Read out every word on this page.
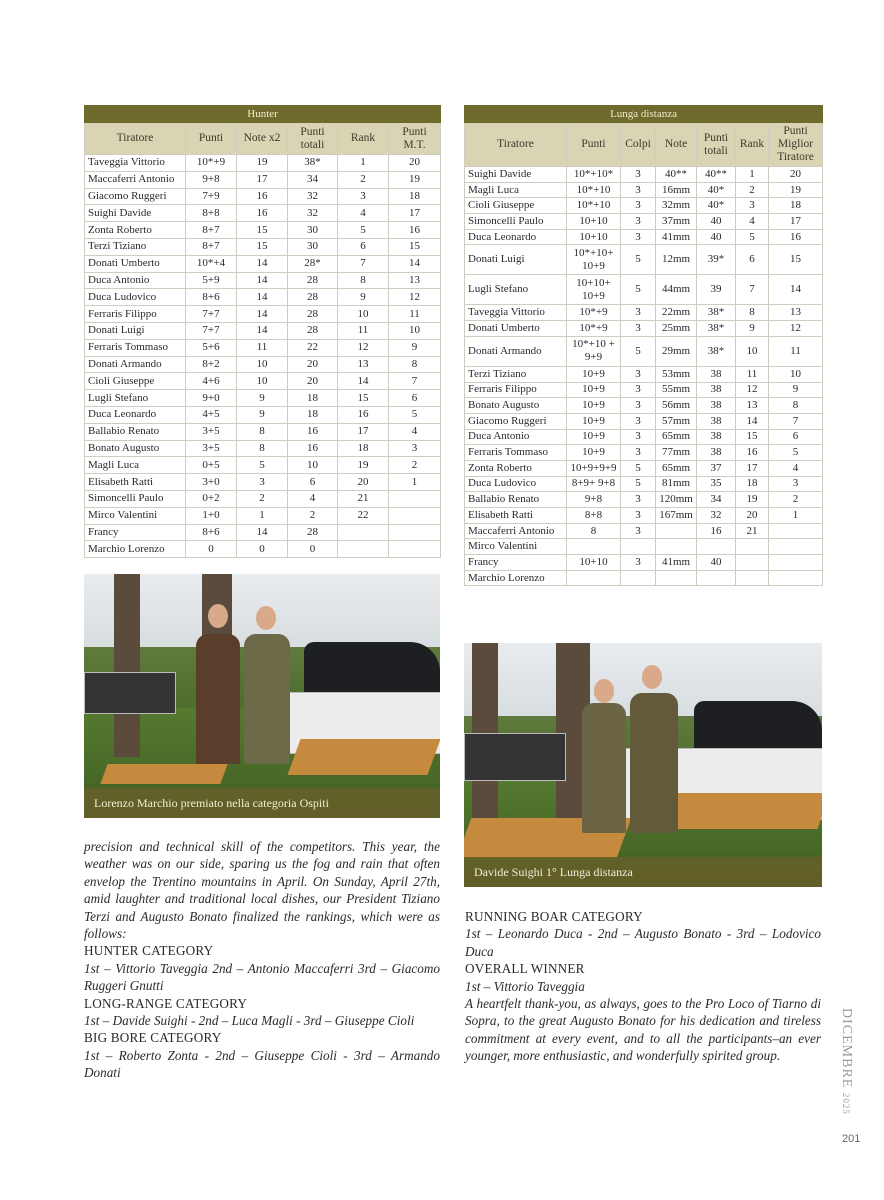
Hunter					
Tiratore	Punti	Note x2	Punti totali	Rank	Punti M.T.
Taveggia Vittorio	10*+9	19	38*	1	20
Maccaferri Antonio	9+8	17	34	2	19
Giacomo Ruggeri	7+9	16	32	3	18
Suighi Davide	8+8	16	32	4	17
Zonta Roberto	8+7	15	30	5	16
Terzi Tiziano	8+7	15	30	6	15
Donati Umberto	10*+4	14	28*	7	14
Duca Antonio	5+9	14	28	8	13
Duca Ludovico	8+6	14	28	9	12
Ferraris Filippo	7+7	14	28	10	11
Donati Luigi	7+7	14	28	11	10
Ferraris Tommaso	5+6	11	22	12	9
Donati Armando	8+2	10	20	13	8
Cioli Giuseppe	4+6	10	20	14	7
Lugli Stefano	9+0	9	18	15	6
Duca Leonardo	4+5	9	18	16	5
Ballabio Renato	3+5	8	16	17	4
Bonato Augusto	3+5	8	16	18	3
Magli Luca	0+5	5	10	19	2
Elisabeth Ratti	3+0	3	6	20	1
Simoncelli Paulo	0+2	2	4	21	
Mirco Valentini	1+0	1	2	22	
Francy	8+6	14	28		
Marchio Lorenzo	0	0	0		
Lunga distanza						
Tiratore	Punti	Colpi	Note	Punti totali	Rank	Punti Miglior Tiratore
Suighi Davide	10*+10*	3	40**	40**	1	20
Magli Luca	10*+10	3	16mm	40*	2	19
Cioli Giuseppe	10*+10	3	32mm	40*	3	18
Simoncelli Paulo	10+10	3	37mm	40	4	17
Duca Leonardo	10+10	3	41mm	40	5	16
Donati Luigi	10*+10+ 10+9	5	12mm	39*	6	15
Lugli Stefano	10+10+ 10+9	5	44mm	39	7	14
Taveggia Vittorio	10*+9	3	22mm	38*	8	13
Donati Umberto	10*+9	3	25mm	38*	9	12
Donati Armando	10*+10 + 9+9	5	29mm	38*	10	11
Terzi Tiziano	10+9	3	53mm	38	11	10
Ferraris Filippo	10+9	3	55mm	38	12	9
Bonato Augusto	10+9	3	56mm	38	13	8
Giacomo Ruggeri	10+9	3	57mm	38	14	7
Duca Antonio	10+9	3	65mm	38	15	6
Ferraris Tommaso	10+9	3	77mm	38	16	5
Zonta Roberto	10+9+9+9	5	65mm	37	17	4
Duca Ludovico	8+9+ 9+8	5	81mm	35	18	3
Ballabio Renato	9+8	3	120mm	34	19	2
Elisabeth Ratti	8+8	3	167mm	32	20	1
Maccaferri Antonio	8	3		16	21	
Mirco Valentini						
Francy	10+10	3	41mm	40		
Marchio Lorenzo						
Lorenzo Marchio premiato nella categoria Ospiti
Davide Suighi 1° Lunga distanza

precision and technical skill of the competitors. This year, the weather was on our side, sparing us the fog and rain that often envelop the Trentino mountains in April. On Sunday, April 27th, amid laughter and traditional local dishes, our President Tiziano Terzi and Augusto Bonato finalized the rankings, which were as follows:

HUNTER CATEGORY

1st – Vittorio Taveggia 2nd – Antonio Maccaferri 3rd – Giacomo Ruggeri Gnutti

LONG-RANGE CATEGORY

1st – Davide Suighi - 2nd – Luca Magli - 3rd – Giuseppe Cioli

BIG BORE CATEGORY

1st – Roberto Zonta - 2nd – Giuseppe Cioli - 3rd – Armando Donati

RUNNING BOAR CATEGORY

1st – Leonardo Duca - 2nd – Augusto Bonato - 3rd – Lodovico Duca

OVERALL WINNER

1st – Vittorio Taveggia

A heartfelt thank-you, as always, goes to the Pro Loco of Tiarno di Sopra, to the great Augusto Bonato for his dedication and tireless commitment at every event, and to all the participants–an ever younger, more enthusiastic, and wonderfully spirited group.	DICEMBRE 2025
201
